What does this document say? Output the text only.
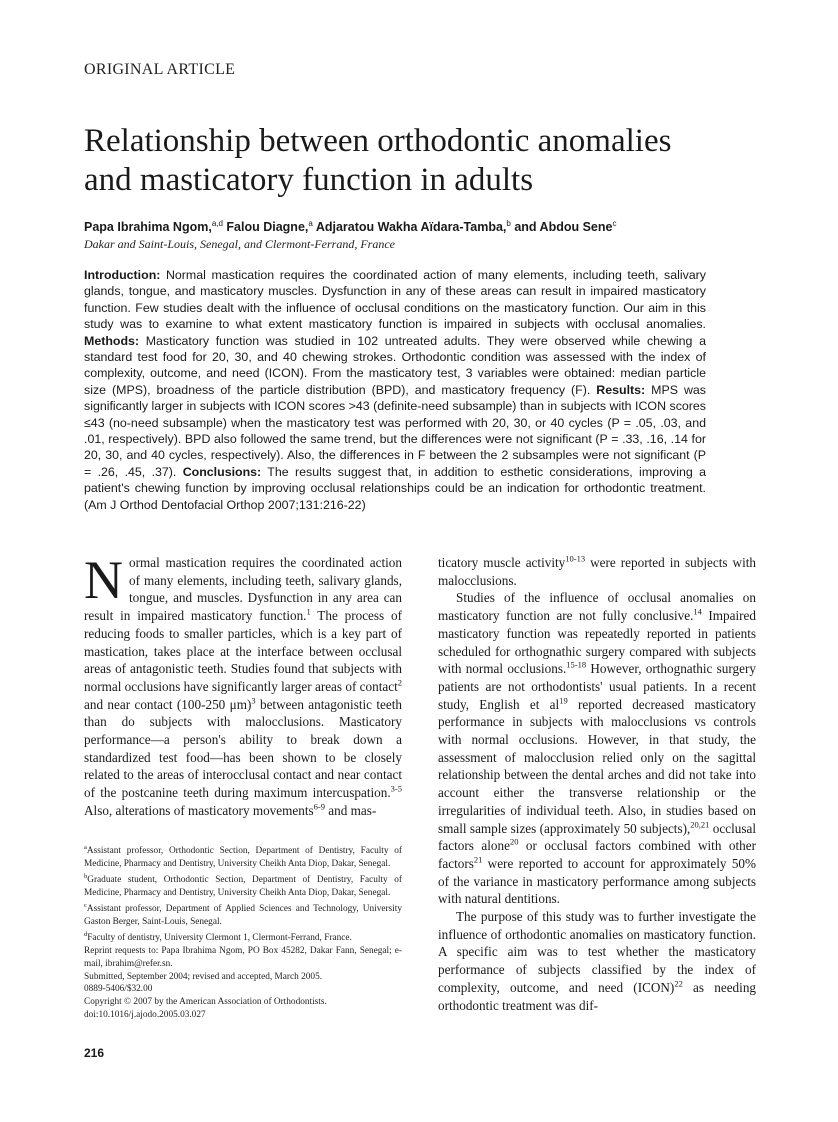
ORIGINAL ARTICLE
Relationship between orthodontic anomalies
and masticatory function in adults
Papa Ibrahima Ngom,$^{a,d}$ Falou Diagne,$^a$ Adjaratou Wakha Aïdara-Tamba,$^b$ and Abdou Sene$^c$
Dakar and Saint-Louis, Senegal, and Clermont-Ferrand, France

Introduction: Normal mastication requires the coordinated action of many elements, including teeth, salivary glands, tongue, and masticatory muscles. Dysfunction in any of these areas can result in impaired masticatory function. Few studies dealt with the influence of occlusal conditions on the masticatory function. Our aim in this study was to examine to what extent masticatory function is impaired in subjects with occlusal anomalies. Methods: Masticatory function was studied in 102 untreated adults. They were observed while chewing a standard test food for 20, 30, and 40 chewing strokes. Orthodontic condition was assessed with the index of complexity, outcome, and need (ICON). From the masticatory test, 3 variables were obtained: median particle size (MPS), broadness of the particle distribution (BPD), and masticatory frequency (F). Results: MPS was significantly larger in subjects with ICON scores >43 (definite-need subsample) than in subjects with ICON scores ≤43 (no-need subsample) when the masticatory test was performed with 20, 30, or 40 cycles (P = .05, .03, and .01, respectively). BPD also followed the same trend, but the differences were not significant (P = .33, .16, .14 for 20, 30, and 40 cycles, respectively). Also, the differences in F between the 2 subsamples were not significant (P = .26, .45, .37). Conclusions: The results suggest that, in addition to esthetic considerations, improving a patient's chewing function by improving occlusal relationships could be an indication for orthodontic treatment. (Am J Orthod Dentofacial Orthop 2007;131:216-22)

Normal mastication requires the coordinated action of many elements, including teeth, salivary glands, tongue, and muscles. Dysfunction in any area can result in impaired masticatory function.$^1$ The process of reducing foods to smaller particles, which is a key part of mastication, takes place at the interface between occlusal areas of antagonistic teeth. Studies found that subjects with normal occlusions have significantly larger areas of contact$^2$ and near contact (100-250 μm)$^3$ between antagonistic teeth than do subjects with malocclusions. Masticatory performance—a person's ability to break down a standardized test food—has been shown to be closely related to the areas of interocclusal contact and near contact of the postcanine teeth during maximum intercuspation.$^{3-5}$ Also, alterations of masticatory movements$^{6-9}$ and mas-

$^a$Assistant professor, Orthodontic Section, Department of Dentistry, Faculty of Medicine, Pharmacy and Dentistry, University Cheikh Anta Diop, Dakar, Senegal.
$^b$Graduate student, Orthodontic Section, Department of Dentistry, Faculty of Medicine, Pharmacy and Dentistry, University Cheikh Anta Diop, Dakar, Senegal.
$^c$Assistant professor, Department of Applied Sciences and Technology, University Gaston Berger, Saint-Louis, Senegal.
$^d$Faculty of dentistry, University Clermont 1, Clermont-Ferrand, France.
Reprint requests to: Papa Ibrahima Ngom, PO Box 45282, Dakar Fann, Senegal; e-mail, ibrahim@refer.sn.
Submitted, September 2004; revised and accepted, March 2005.
0889-5406/$32.00
Copyright © 2007 by the American Association of Orthodontists.
doi:10.1016/j.ajodo.2005.03.027

ticatory muscle activity$^{10-13}$ were reported in subjects with malocclusions.

Studies of the influence of occlusal anomalies on masticatory function are not fully conclusive.$^{14}$ Impaired masticatory function was repeatedly reported in patients scheduled for orthognathic surgery compared with subjects with normal occlusions.$^{15-18}$ However, orthognathic surgery patients are not orthodontists' usual patients. In a recent study, English et $al^{19}$ reported decreased masticatory performance in subjects with malocclusions vs controls with normal occlusions. However, in that study, the assessment of malocclusion relied only on the sagittal relationship between the dental arches and did not take into account either the transverse relationship or the irregularities of individual teeth. Also, in studies based on small sample sizes (approximately 50 subjects),$^{20,21}$ occlusal factors alone$^{20}$ or occlusal factors combined with other factors$^{21}$ were reported to account for approximately 50% of the variance in masticatory performance among subjects with natural dentitions.

The purpose of this study was to further investigate the influence of orthodontic anomalies on masticatory function. A specific aim was to test whether the masticatory performance of subjects classified by the index of complexity, outcome, and need (ICON)$^{22}$ as needing orthodontic treatment was dif-

216
